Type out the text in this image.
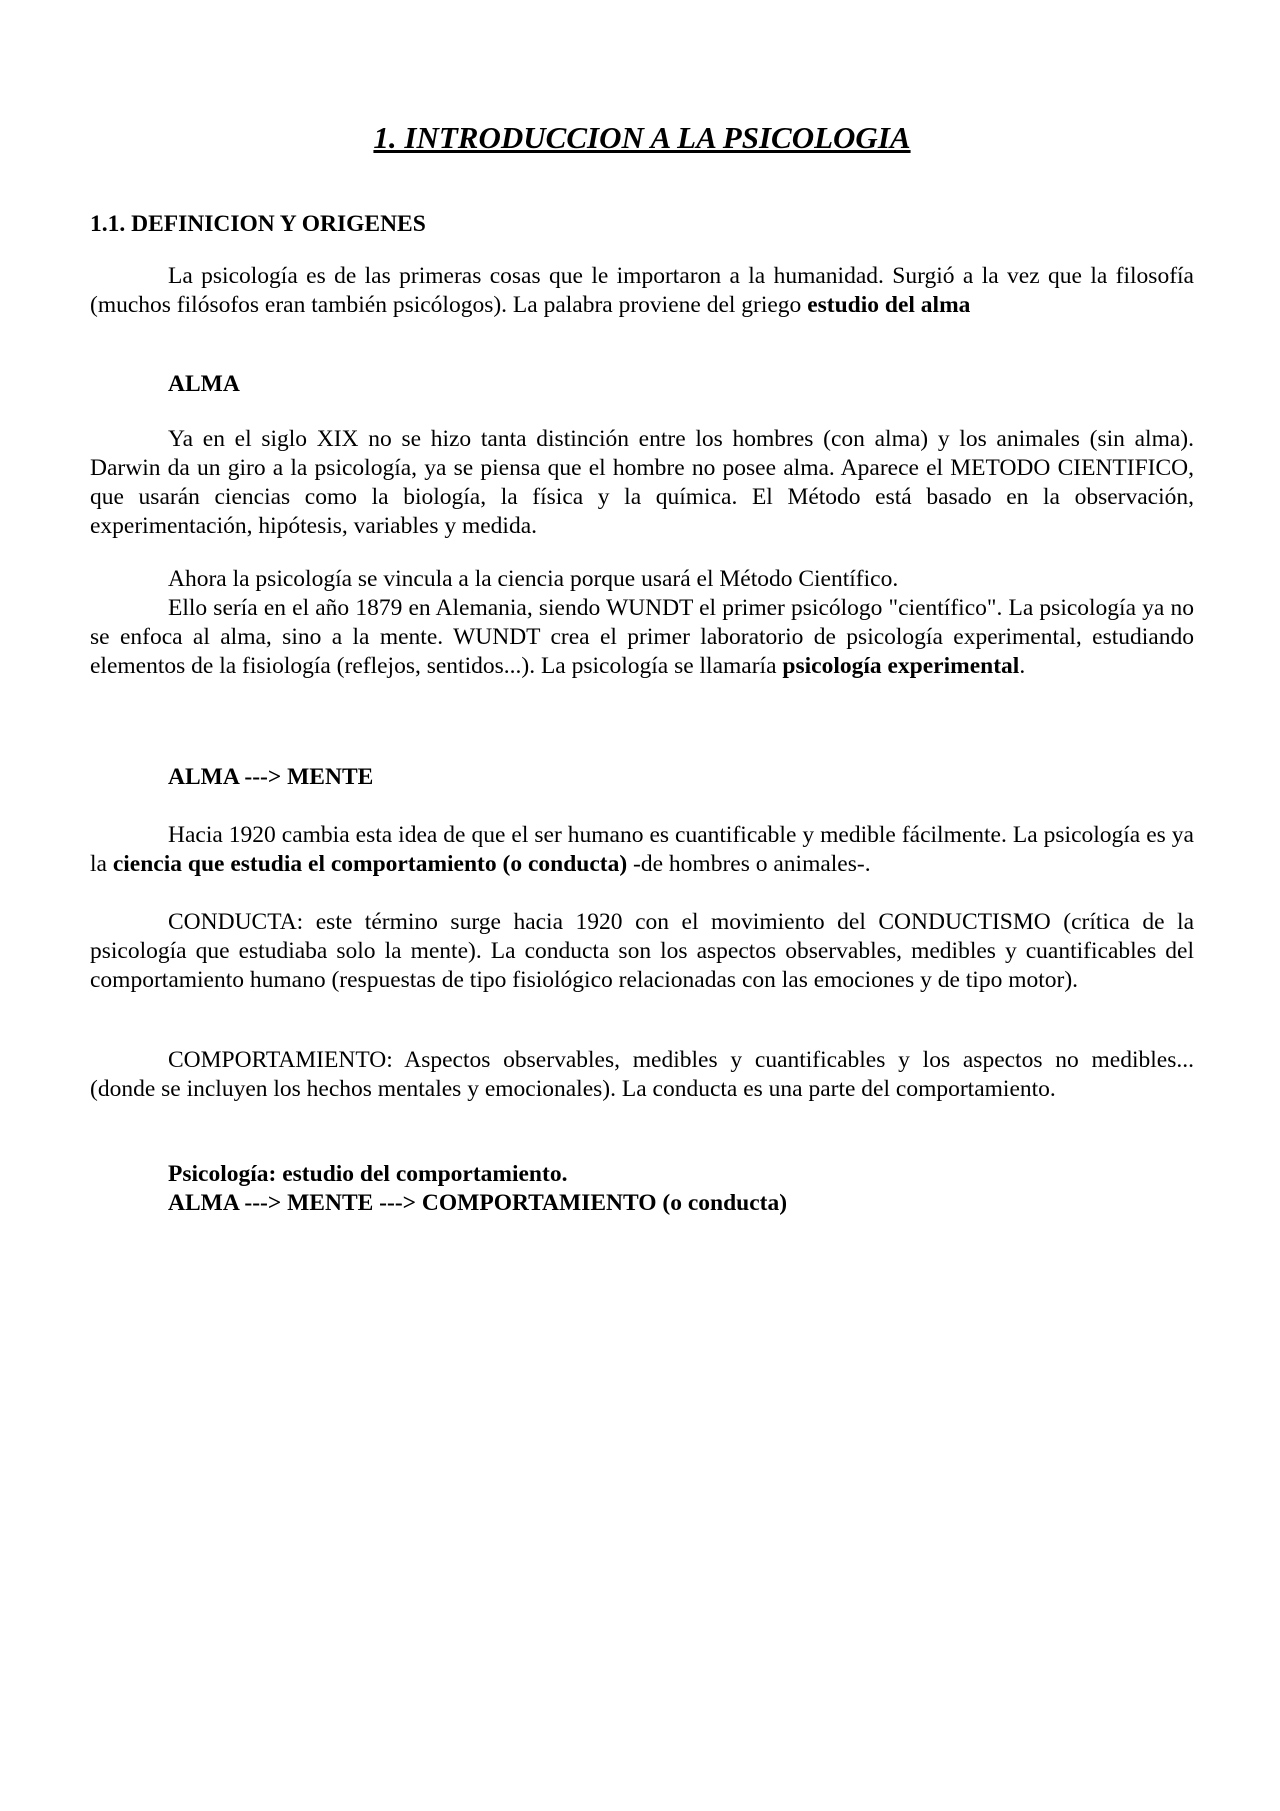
1. INTRODUCCION A LA PSICOLOGIA

1.1. DEFINICION Y ORIGENES

La psicología es de las primeras cosas que le importaron a la humanidad. Surgió a la vez que la filosofía (muchos filósofos eran también psicólogos). La palabra proviene del griego estudio del alma

ALMA

Ya en el siglo XIX no se hizo tanta distinción entre los hombres (con alma) y los animales (sin alma). Darwin da un giro a la psicología, ya se piensa que el hombre no posee alma. Aparece el METODO CIENTIFICO, que usarán ciencias como la biología, la física y la química. El Método está basado en la observación, experimentación, hipótesis, variables y medida.

Ahora la psicología se vincula a la ciencia porque usará el Método Científico.

Ello sería en el año 1879 en Alemania, siendo WUNDT el primer psicólogo "científico". La psicología ya no se enfoca al alma, sino a la mente. WUNDT crea el primer laboratorio de psicología experimental, estudiando elementos de la fisiología (reflejos, sentidos...). La psicología se llamaría psicología experimental.

ALMA ---> MENTE

Hacia 1920 cambia esta idea de que el ser humano es cuantificable y medible fácilmente. La psicología es ya la ciencia que estudia el comportamiento (o conducta) -de hombres o animales-.

CONDUCTA: este término surge hacia 1920 con el movimiento del CONDUCTISMO (crítica de la psicología que estudiaba solo la mente). La conducta son los aspectos observables, medibles y cuantificables del comportamiento humano (respuestas de tipo fisiológico relacionadas con las emociones y de tipo motor).

COMPORTAMIENTO: Aspectos observables, medibles y cuantificables y los aspectos no medibles... (donde se incluyen los hechos mentales y emocionales). La conducta es una parte del comportamiento.

Psicología: estudio del comportamiento.

ALMA ---> MENTE ---> COMPORTAMIENTO (o conducta)
